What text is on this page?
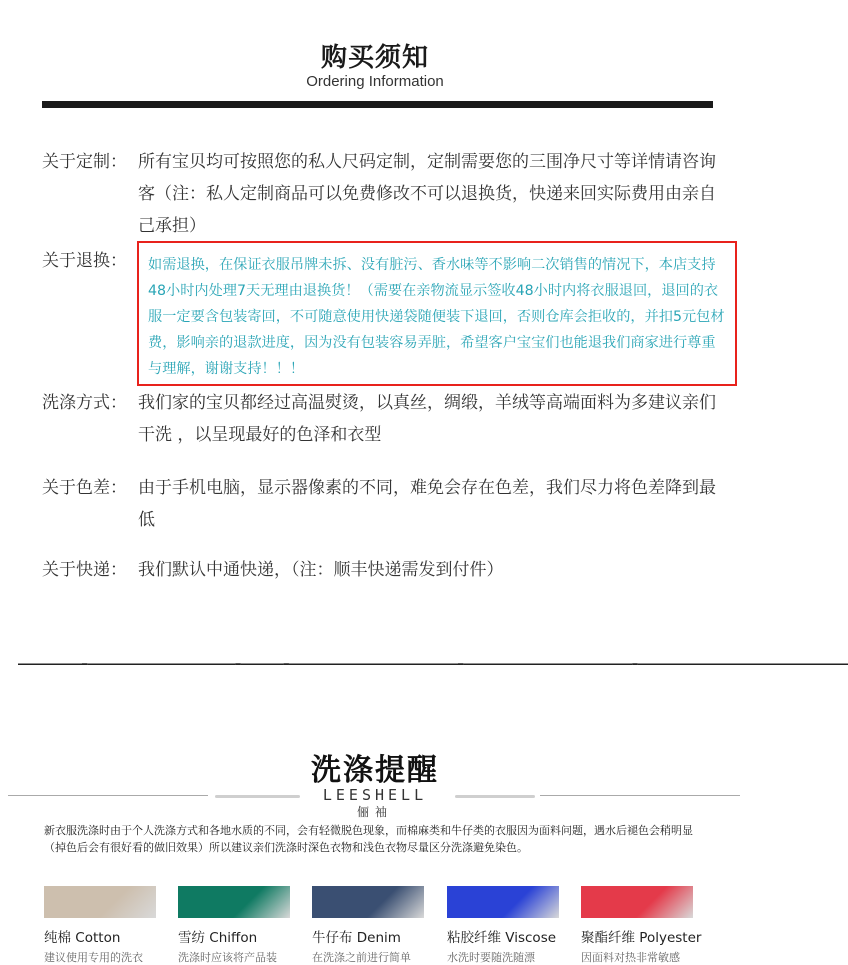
购买须知
Ordering Information
关于定制： 所有宝贝均可按照您的私人尺码定制，定制需要您的三围净尺寸等详情请咨询客（注：私人定制商品可以免费修改不可以退换货，快递来回实际费用由亲自己承担）
关于退换：	如需退换，在保证衣服吊牌未拆、没有脏污、香水味等不影响二次销售的情况下，本店支持48小时内处理7天无理由退换货！（需要在亲物流显示签收48小时内将衣服退回，退回的衣服一定要含包装寄回，不可随意使用快递袋随便装下退回，否则仓库会拒收的，并扣5元包材费，影响亲的退款进度，因为没有包装容易弄脏，希望客户宝宝们也能退我们商家进行尊重与理解，谢谢支持！！！
洗涤方式： 我们家的宝贝都经过高温熨烫，以真丝，绸缎，羊绒等高端面料为多建议亲们干洗 ，以呈现最好的色泽和衣型
关于色差： 由于手机电脑，显示器像素的不同，难免会存在色差，我们尽力将色差降到最低
关于快递： 我们默认中通快递，（注：顺丰快递需发到付件）
———-———————-——-————————-————————-——————————
洗涤提醒
LEESHELL
俪袖
新衣服洗涤时由于个人洗涤方式和各地水质的不同，会有轻微脱色现象，而棉麻类和牛仔类的衣服因为面料问题，遇水后褪色会稍明显（掉色后会有很好看的做旧效果）所以建议亲们洗涤时深色衣物和浅色衣物尽量区分洗涤避免染色。
纯棉 Cotton
建议使用专用的洗衣
雪纺 Chiffon
洗涤时应该将产品装
牛仔布 Denim
在洗涤之前进行简单
粘胶纤维 Viscose
水洗时要随洗随漂
聚酯纤维 Polyester
因面料对热非常敏感
